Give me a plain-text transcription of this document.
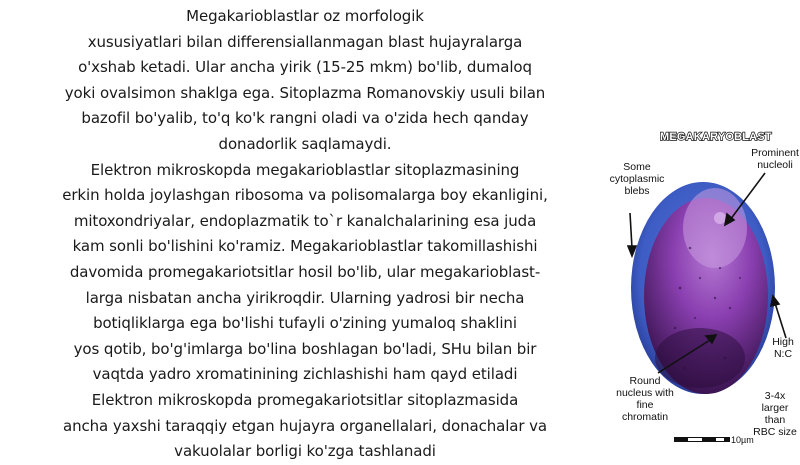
Megakarioblastlar oz morfologik

xususiyatlari bilan differensiallanmagan blast hujayralarga

o'xshab ketadi. Ular ancha yirik (15-25 mkm) bo'lib, dumaloq

yoki ovalsimon shaklga ega. Sitoplazma Romanovskiy usuli bilan

bazofil bo'yalib, to'q ko'k rangni oladi va o'zida hech qanday

donadorlik saqlamaydi.

Elektron mikroskopda megakarioblastlar sitoplazmasining

erkin holda joylashgan ribosoma va polisomalarga boy ekanligini,

mitoxondriyalar, endoplazmatik to`r kanalchalarining esa juda

kam sonli bo'lishini ko'ramiz. Megakarioblastlar takomillashishi

davomida promegakariotsitlar hosil bo'lib, ular megakarioblast-

larga nisbatan ancha yirikroqdir. Ularning yadrosi bir necha

botiqliklarga ega bo'lishi tufayli o'zining yumaloq shaklini

yos qotib, bo'g'imlarga bo'lina boshlagan bo'ladi, SHu bilan bir

vaqtda yadro xromatinining zichlashishi ham qayd etiladi

Elektron mikroskopda promegakariotsitlar sitoplazmasida

ancha yaxshi taraqqiy etgan hujayra organellalari, donachalar va

vakuolalar borligi ko'zga tashlanadi

MEGAKARYOBLAST
Some
cytoplasmic
blebs
Prominent
nucleoli
High
N:C
Round
nucleus with
fine
chromatin
3-4x
larger than
RBC size
10µm
